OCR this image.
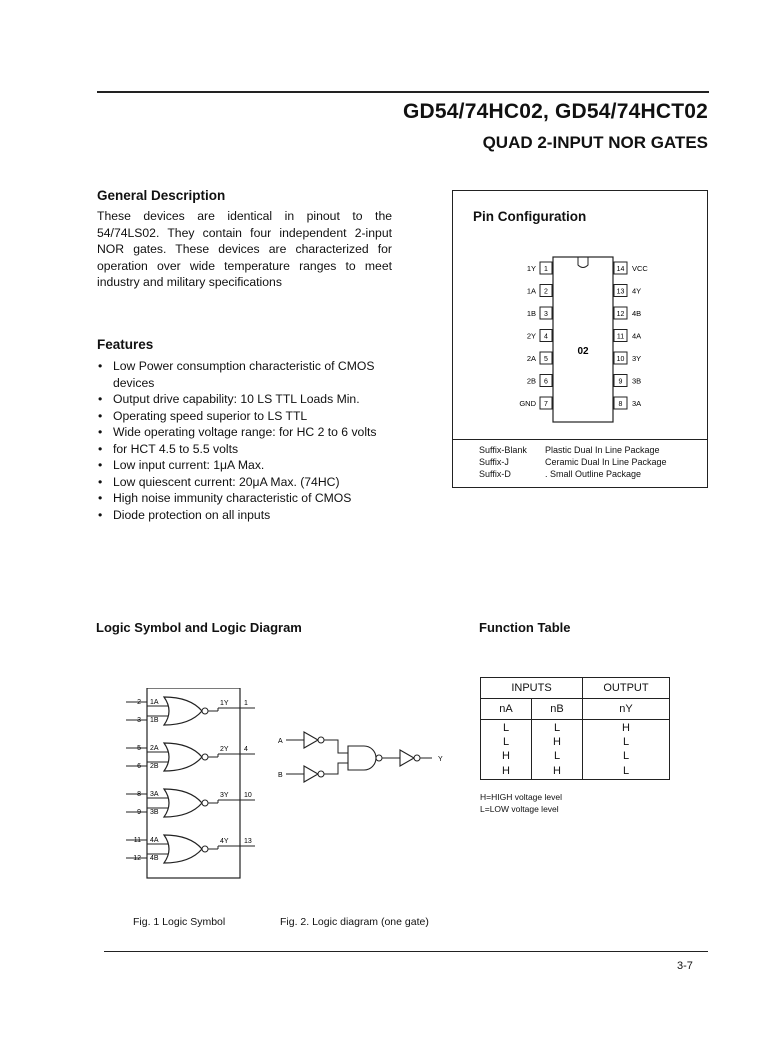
GD54/74HC02, GD54/74HCT02
QUAD 2-INPUT NOR GATES
General Description
These devices are identical in pinout to the 54/74LS02. They contain four independent 2-input NOR gates. These devices are characterized for operation over wide temperature ranges to meet industry and military specifications
Features
• Low Power consumption characteristic of CMOS devices
• Output drive capability: 10 LS TTL Loads Min.
• Operating speed superior to LS TTL
• Wide operating voltage range: for HC 2 to 6 volts
• for HCT 4.5 to 5.5 volts
• Low input current: 1μA Max.
• Low quiescent current: 20μA Max. (74HC)
• High noise immunity characteristic of CMOS
• Diode protection on all inputs
Pin Configuration
02
1
1Y
2
1A
3
1B
4
2Y
5
2A
6
2B
7
GND
14 VCC
13 4Y
12 4B
11 4A
10 3Y
9 3B
8 3A
Suffix-Blank Plastic Dual In Line Package
Suffix-J	Ceramic Dual In Line Package
Suffix-D	. Small Outline Package
Logic Symbol and Logic Diagram
2
3
1A
1B
1Y 1
5
6
2A
2B
2Y 4
8
9
3A
3B
3Y 10
11
12
4A
4B
4Y 13
A
B
Y
Fig. 1 Logic Symbol	Fig. 2. Logic diagram (one gate)
Function Table
INPUTS		OUTPUT
nA	nB	nY
L	L	H
L	H	L
H	L	L
H	H	L
H=HIGH voltage level
L=LOW voltage level
3-7
